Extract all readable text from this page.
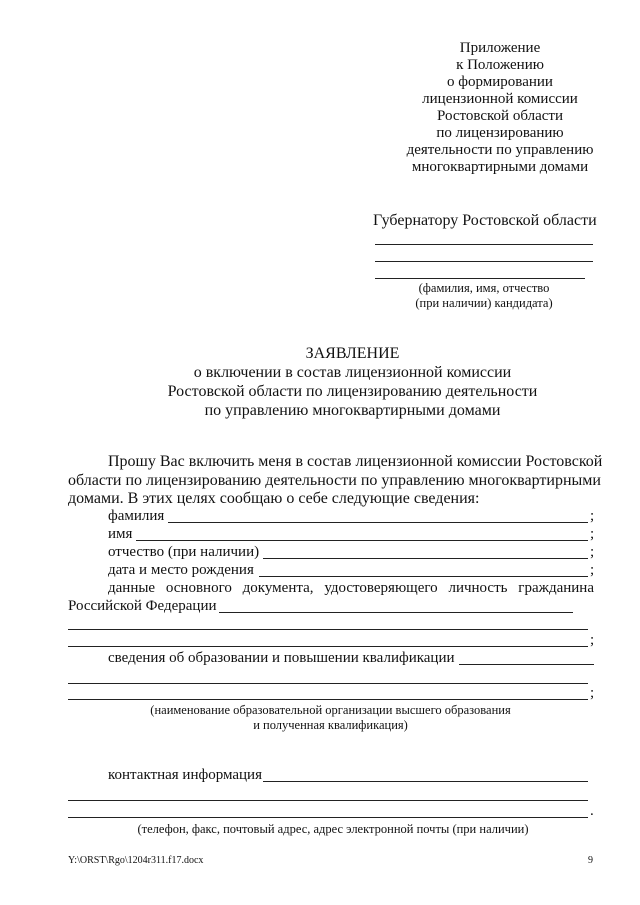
Приложение
к Положению
о формировании
лицензионной комиссии
Ростовской области
по лицензированию
деятельности по управлению
многоквартирными домами
Губернатору Ростовской области
(фамилия, имя, отчество
(при наличии) кандидата)
ЗАЯВЛЕНИЕ
о включении в состав лицензионной комиссии
Ростовской области по лицензированию деятельности
по управлению многоквартирными домами
Прошу Вас включить меня в состав лицензионной комиссии Ростовской
области по лицензированию деятельности по управлению многоквартирными
домами. В этих целях сообщаю о себе следующие сведения:
фамилия	;
имя	;
отчество (при наличии)	;
дата и место рождения	;
данные основного документа, удостоверяющего личность гражданина
Российской Федерации
;
сведения об образовании и повышении квалификации
;
(наименование образовательной организации высшего образования
и полученная квалификация)
контактная информация
.
(телефон, факс, почтовый адрес, адрес электронной почты (при наличии)
Y:\ORST\Rgo\1204r311.f17.docx	9
